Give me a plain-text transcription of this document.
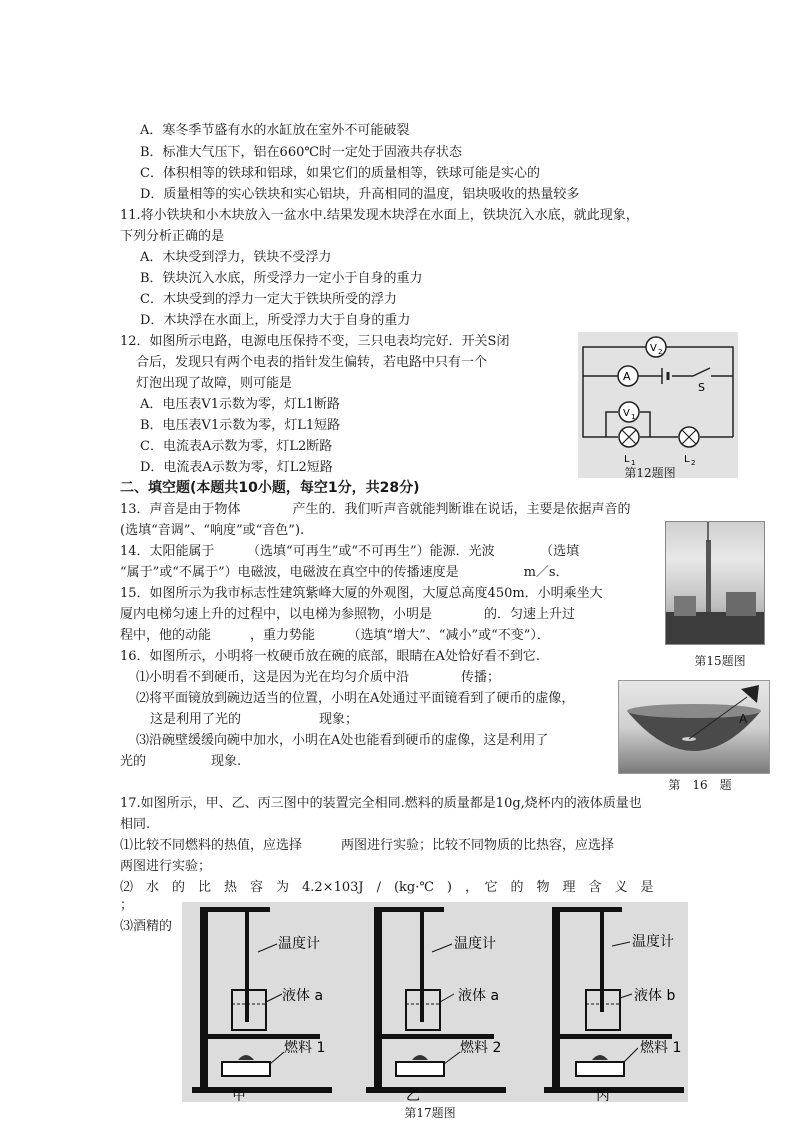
A．寒冬季节盛有水的水缸放在室外不可能破裂
B．标准大气压下，铝在660℃时一定处于固液共存状态
C．体积相等的铁球和铝球，如果它们的质量相等，铁球可能是实心的
D．质量相等的实心铁块和实心铝块，升高相同的温度，铝块吸收的热量较多
11.将小铁块和小木块放入一盆水中.结果发现木块浮在水面上，铁块沉入水底，就此现象，
下列分析正确的是
A．木块受到浮力，铁块不受浮力
B．铁块沉入水底，所受浮力一定小于自身的重力
C．木块受到的浮力一定大于铁块所受的浮力
D．木块浮在水面上，所受浮力大于自身的重力
12．如图所示电路，电源电压保持不变，三只电表均完好．开关S闭
合后，发现只有两个电表的指针发生偏转，若电路中只有一个
灯泡出现了故障，则可能是
A．电压表V1示数为零，灯L1断路
B．电压表V1示数为零，灯L1短路
C．电流表A示数为零，灯L2断路
D．电流表A示数为零，灯L2短路
V 2
A
S
V 1
L 1	L 2
第12题图
二、填空题(本题共10小题，每空1分，共28分)
13．声音是由于物体　　　　产生的．我们听声音就能判断谁在说话，主要是依据声音的
(选填“音调”、“响度”或“音色”).
14．太阳能属于　　　（选填“可再生”或“不可再生”）能源．光波　　　　（选填
“属于”或“不属于”）电磁波，电磁波在真空中的传播速度是　　　　　m／s．
15．如图所示为我市标志性建筑紫峰大厦的外观图，大厦总高度450m．小明乘坐大
厦内电梯匀速上升的过程中，以电梯为参照物，小明是　　　　的．匀速上升过
程中，他的动能　　　，重力势能　　　（选填“增大”、“减小”或“不变”）．
第15题图
16．如图所示，小明将一枚硬币放在碗的底部，眼睛在A处恰好看不到它.
⑴小明看不到硬币，这是因为光在均匀介质中沿　　　　传播；
⑵将平面镜放到碗边适当的位置，小明在A处通过平面镜看到了硬币的虚像，
这是利用了光的　　　　　　现象；
⑶沿碗壁缓缓向碗中加水，小明在A处也能看到硬币的虚像，这是利用了
光的　　　　　现象.
A
第　16　题
17.如图所示，甲、乙、丙三图中的装置完全相同.燃料的质量都是10g,烧杯内的液体质量也
相同.
⑴比较不同燃料的热值，应选择　　　两图进行实验；比较不同物质的比热容，应选择
两图进行实验；
⑵　水　的　比　热　容　为　4.2×103J　/　(kg·℃　)　，　它　的　物　理　含　义　是
；
⑶酒精的
温度计
液体 a
燃料 1
甲
温度计
液体 a
燃料 2
乙
温度计
液体 b
燃料 1
丙
第17题图
